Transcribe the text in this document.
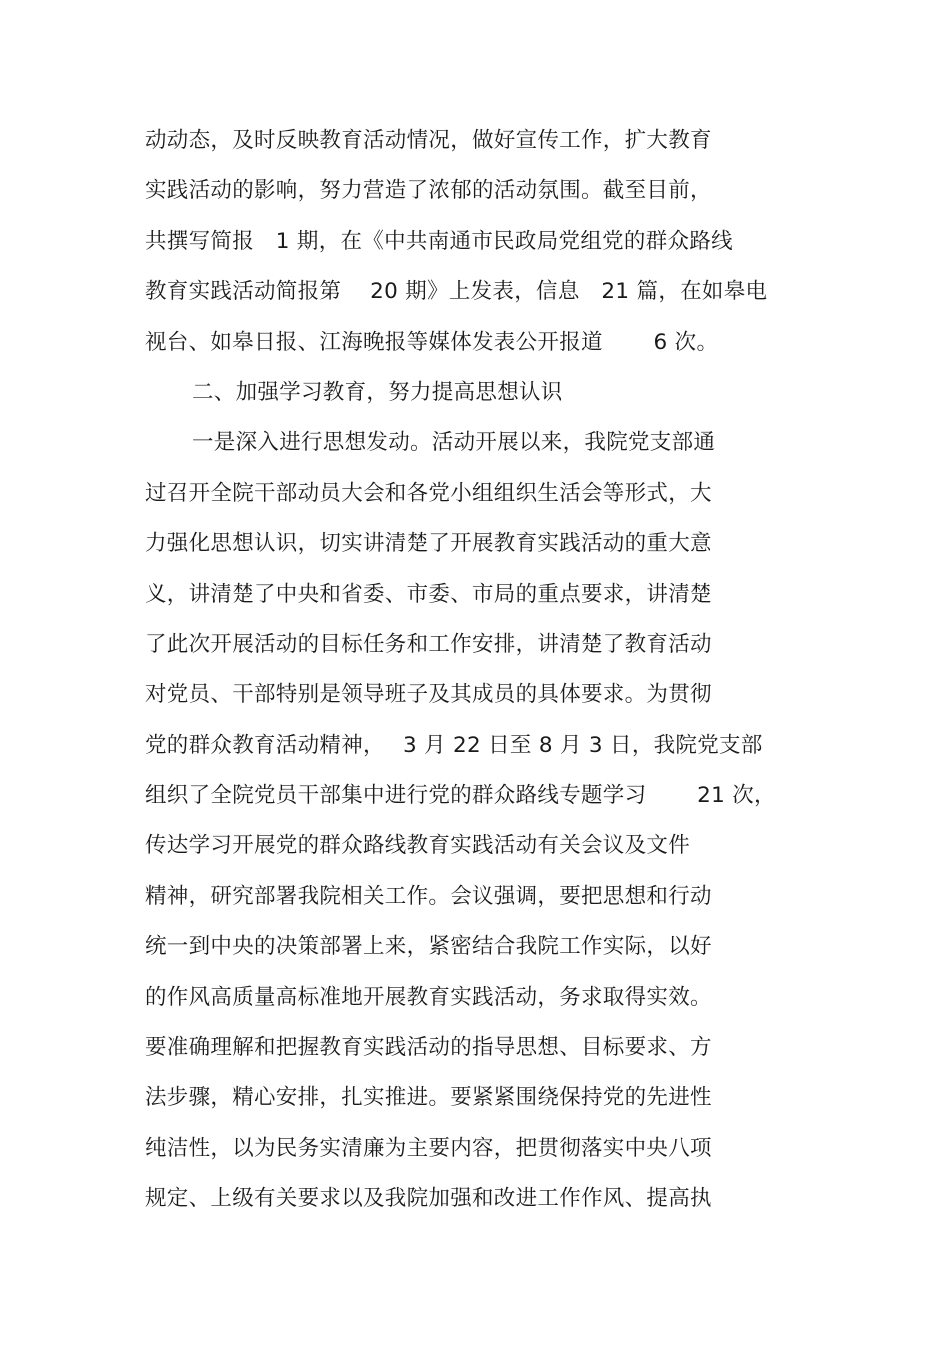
动动态，及时反映教育活动情况，做好宣传工作，扩大教育
实践活动的影响，努力营造了浓郁的活动氛围。截至目前，
共撰写简报　1 期，在《中共南通市民政局党组党的群众路线
教育实践活动简报第　 20 期》上发表，信息　21 篇，在如皋电
视台、如皋日报、江海晚报等媒体发表公开报道　　 6 次。
二、加强学习教育，努力提高思想认识
一是深入进行思想发动。活动开展以来，我院党支部通
过召开全院干部动员大会和各党小组组织生活会等形式，大
力强化思想认识，切实讲清楚了开展教育实践活动的重大意
义，讲清楚了中央和省委、市委、市局的重点要求，讲清楚
了此次开展活动的目标任务和工作安排，讲清楚了教育活动
对党员、干部特别是领导班子及其成员的具体要求。为贯彻
党的群众教育活动精神，　 3 月 22 日至 8 月 3 日，我院党支部
组织了全院党员干部集中进行党的群众路线专题学习　　 21 次，
传达学习开展党的群众路线教育实践活动有关会议及文件
精神，研究部署我院相关工作。会议强调，要把思想和行动
统一到中央的决策部署上来，紧密结合我院工作实际，以好
的作风高质量高标准地开展教育实践活动，务求取得实效。
要准确理解和把握教育实践活动的指导思想、目标要求、方
法步骤，精心安排，扎实推进。要紧紧围绕保持党的先进性
纯洁性，以为民务实清廉为主要内容，把贯彻落实中央八项
规定、上级有关要求以及我院加强和改进工作作风、提高执
